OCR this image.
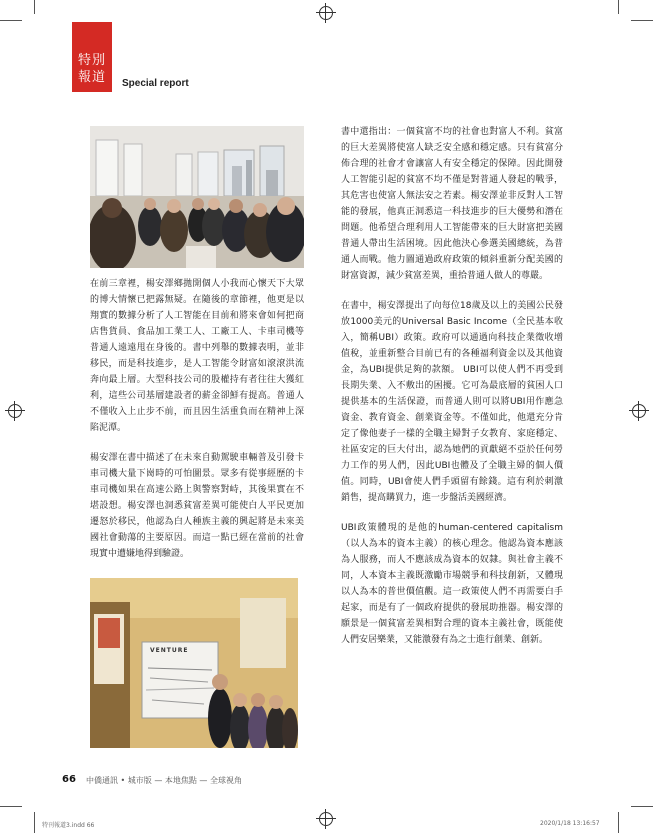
特別
報道 Special report

在前三章裡，楊安澤鄉拋開個人小我而心懷天下大眾的博大情懷已把露無疑。在隨後的章節裡，他更是以翔實的數據分析了人工智能在目前和將來會如何把商店售貨員、食品加工業工人、工廠工人、卡車司機等普通人遠遠甩在身後的。書中列舉的數據表明，並非移民，而是科技進步，是人工智能令財富如滾滾洪流奔向最上層。大型科技公司的股權持有者往往大獲紅利，這些公司基層建設者的薪金卻鮮有提高。普通人不僅收入上止步不前，而且因生活重負而在精神上深陷泥潭。

楊安澤在書中描述了在未來自動駕駛車輛普及引發卡車司機大量下崗時的可怕圖景。眾多有從事經歷的卡車司機如果在高速公路上與警察對峙，其後果實在不堪設想。楊安澤也洞悉貧富差異可能使白人平民更加遷怒於移民，他認為白人種族主義的興起將是未來美國社會動蕩的主要原因。而這一點已經在當前的社會現實中遭嫌地得到驗證。

VENTURE

書中還指出：一個貧富不均的社會也對富人不利。貧富的巨大差異將使富人缺乏安全感和穩定感。只有貧富分佈合理的社會才會讓富人有安全穩定的保障。因此開發人工智能引起的貧富不均不僅是對普通人發起的戰爭，其危害也使富人無法安之若素。楊安澤並非反對人工智能的發展，他真正洞悉這一科技進步的巨大優勢和潛在問題。他希望合理利用人工智能帶來的巨大財富把美國普通人帶出生活困境。因此他決心參選美國總統，為普通人而戰。他力圖通過政府政策的傾斜重新分配美國的財富資源，減少貧富差異，重拾普通人做人的尊嚴。

在書中，楊安澤提出了向每位18歲及以上的美國公民發放1000美元的Universal Basic Income（全民基本收入，簡稱UBI）政策。政府可以通過向科技企業徵收增值稅，並重新整合目前已有的各種福利資金以及其他資金，為UBI提供足夠的款額。 UBI可以使人們不再受到長期失業、入不敷出的困擾。它可為最底層的貧困人口提供基本的生活保證，而普通人則可以將UBI用作應急資金、教育資金、創業資金等。不僅如此，他還充分肯定了像他妻子一樣的全職主婦對子女教育、家庭穩定、社區安定的巨大付出，認為她們的貢獻絕不亞於任何勞力工作的男人們，因此UBI也體及了全職主婦的個人價值。同時，UBI會使人們手頭留有餘錢。這有利於刺激銷售，提高購買力，進一步盤活美國經濟。

UBI政策體現的是他的human-centered capitalism（以人為本的資本主義）的核心理念。他認為資本應該為人服務，而人不應該成為資本的奴隸。與社會主義不同，人本資本主義既激勵市場競爭和科技創新，又體現以人為本的普世價值觀。這一政策使人們不再需要白手起家，而是有了一個政府提供的發展助推器。楊安澤的願景是一個貧富差異相對合理的資本主義社會，既能使人們安居樂業，又能激發有為之士進行創業、創新。

66 中僑通訊 • 城市版 — 本地焦點 — 全球視角
特刊報道3.indd 66	2020/1/18 13:16:57
